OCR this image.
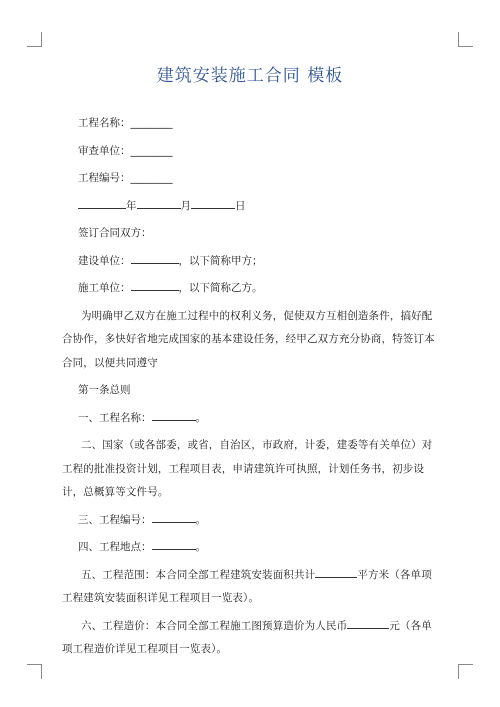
建筑安装施工合同 模板

工程名称：________

审查单位：________

工程编号：________

年	月	日

签订合同双方：

建设单位：	，以下简称甲方；

施工单位：	，以下简称乙方。

为明确甲乙双方在施工过程中的权利义务，促使双方互相创造条件，搞好配合协作，多快好省地完成国家的基本建设任务，经甲乙双方充分协商，特签订本合同，以便共同遵守

第一条总则

一、工程名称：	。

二、国家（或各部委，或省，自治区，市政府，计委，建委等有关单位）对工程的批准投资计划，工程项目表，申请建筑许可执照，计划任务书，初步设计，总概算等文件号。

三、工程编号：	。

四、工程地点：	。

五、工程范围：本合同全部工程建筑安装面积共计	平方米（各单项工程建筑安装面积详见工程项目一览表）。

六、工程造价：本合同全部工程施工图预算造价为人民币	元（各单项工程造价详见工程项目一览表）。
